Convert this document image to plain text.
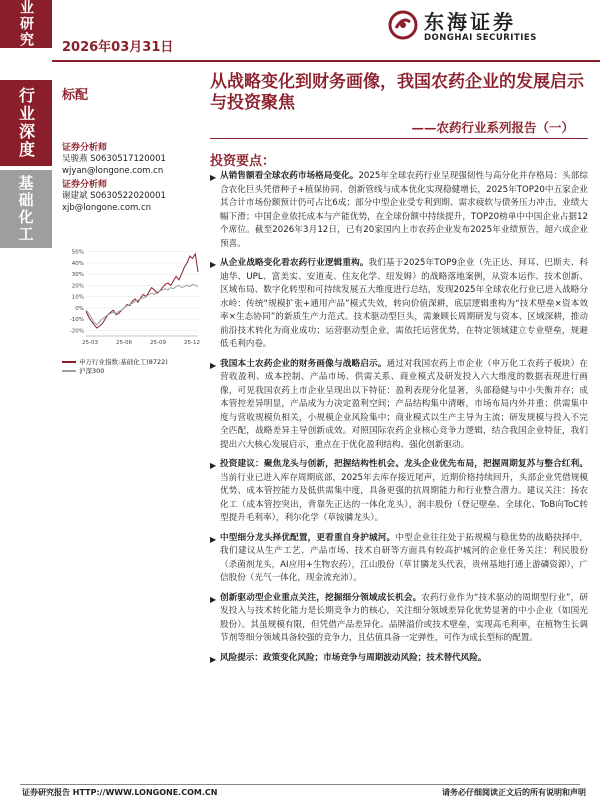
业研究
行业深度
基础化工
2026年03月31日
东海证券
DONGHAI SECURITIES
标配
从战略变化到财务画像，我国农药企业的发展启示与投资聚焦
——农药行业系列报告（一）
证券分析师
吴骏燕 S0630517120001
wjyan@longone.com.cn
证券分析师
谢建斌 S0630522020001
xjb@longone.com.cn
50%
40%
30%
20%
10%
0%
-10%
-20%
25-03	25-06	25-09	25-12
申万行业指数:基础化工(8722)
沪深300
投资要点：
▶ 从销售额看全球农药市场格局变化。2025年全球农药行业呈现强韧性与高分化并存格局：头部综合农化巨头凭借种子+植保协同、创新管线与成本优化实现稳健增长，2025年TOP20中五家企业其合计市场份额预计仍可占比6成；部分中型企业受专利到期、需求疲软与债务压力冲击，业绩大幅下滑；中国企业依托成本与产能优势，在全球份额中持续提升，TOP20榜单中中国企业占据12个席位。截至2026年3月12日，已有20家国内上市农药企业发布2025年业绩预告，超六成企业预喜。
▶ 从企业战略变化看农药行业逻辑重构。我们基于2025年TOP9企业（先正达、拜耳、巴斯夫、科迪华、UPL、富美实、安道麦、住友化学、纽发姆）的战略落地案例，从资本运作、技术创新、区域布局、数字化转型和可持续发展五大维度进行总结，发现2025年全球农化行业已进入战略分水岭：传统“规模扩张+通用产品”模式失效，转向价值深耕，底层逻辑重构为“技术壁垒×资本效率×生态协同”的新质生产力范式。技术驱动型巨头，需兼顾长周期研发与资本、区域深耕，推动前沿技术转化为商业成功；运营驱动型企业，需依托运营优势，在特定领域建立专业壁垒，规避低毛利内卷。
▶ 我国本土农药企业的财务画像与战略启示。通过对我国农药上市企业（申万化工农药子板块）在营收盈利、成本控制、产品市场、供需关系、商业模式及研发投入六大维度的数据表现进行画像，可见我国农药上市企业呈现出以下特征：盈利表现分化显著，头部稳健与中小失衡并存；成本管控差异明显，产品成为力决定盈利空间；产品结构集中清晰，市场布局内外并重；供需集中度与营收规模负相关，小规模企业风险集中；商业模式以生产主导为主流；研发规模与投入不完全匹配，战略差异主导创新成效。对照国际农药企业核心竞争力逻辑，结合我国企业特征，我们提出六大核心发展启示，重点在于优化盈利结构、强化创新驱动。
▶ 投资建议：聚焦龙头与创新，把握结构性机会。龙头企业优先布局，把握周期复苏与整合红利。当前行业已进入库存周期底部，2025年去库存接近尾声，近期价格持续回升，头部企业凭借规模优势、成本管控能力及低供需集中度，具备更强的抗周期能力和行业整合潜力。建议关注：扬农化工（成本管控突出，背靠先正达的一体化龙头），润丰股份（登记壁垒、全球化、ToB向ToC转型提升毛利率），利尔化学（草铵膦龙头）。
▶ 中型细分龙头择优配置，更看重自身护城河。中型企业往往处于拓规模与稳优势的战略抉择中，我们建议从生产工艺、产品市场、技术自研等方面具有较高护城河的企业任务关注：利民股份（杀菌剂龙头，AI应用+生物农药），江山股份（草甘膦龙头代表，贵州基地打通上游磷资源），广信股份（光气一体化，现金流充沛）。
▶ 创新驱动型企业重点关注，挖掘细分领域成长机会。农药行业作为“技术驱动的周期型行业”，研发投入与技术转化能力是长期竞争力的核心，关注细分领域差异化优势显著的中小企业（如国光股份）。其虽规模有限，但凭借产品差异化、品牌溢价或技术壁垒，实现高毛利率，在植物生长调节剂等细分领域具备较强的竞争力，且估值具备一定弹性，可作为成长型标的配置。
▶ 风险提示：政策变化风险；市场竞争与周期波动风险；技术替代风险。
证券研究报告 HTTP://WWW.LONGONE.COM.CN	请务必仔细阅读正文后的所有说明和声明
